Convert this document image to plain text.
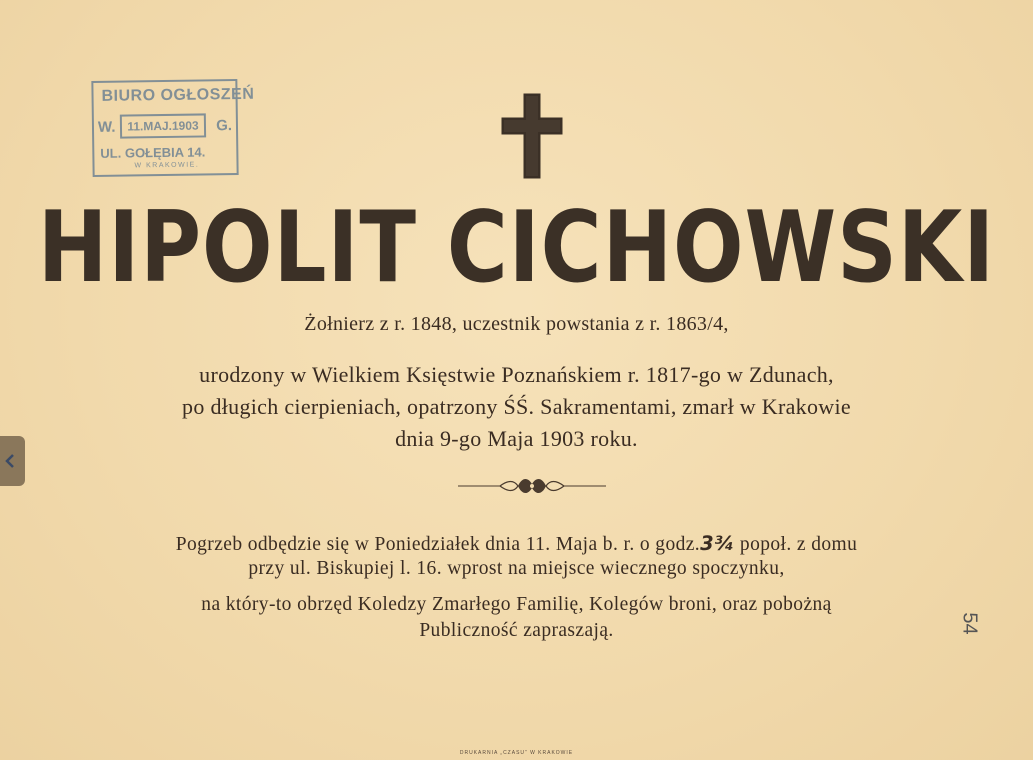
BIURO OGŁOSZEŃ
W. 11.MAJ.1903	G.
UL. GOŁĘBIA 14.
W KRAKOWIE.
HIPOLIT CICHOWSKI
Żołnierz z r. 1848, uczestnik powstania z r. 1863/4,
urodzony w Wielkiem Księstwie Poznańskiem r. 1817-go w Zdunach,
po długich cierpieniach, opatrzony ŚŚ. Sakramentami, zmarł w Krakowie
dnia 9-go Maja 1903 roku.
Pogrzeb odbędzie się w Poniedziałek dnia 11. Maja b. r. o godz.3¾ popoł. z domu
przy ul. Biskupiej l. 16. wprost na miejsce wiecznego spoczynku,
na który-to obrzęd Koledzy Zmarłego Familię, Kolegów broni, oraz pobożną
Publiczność zapraszają.	54
DRUKARNIA „CZASU“ W KRAKOWIE
